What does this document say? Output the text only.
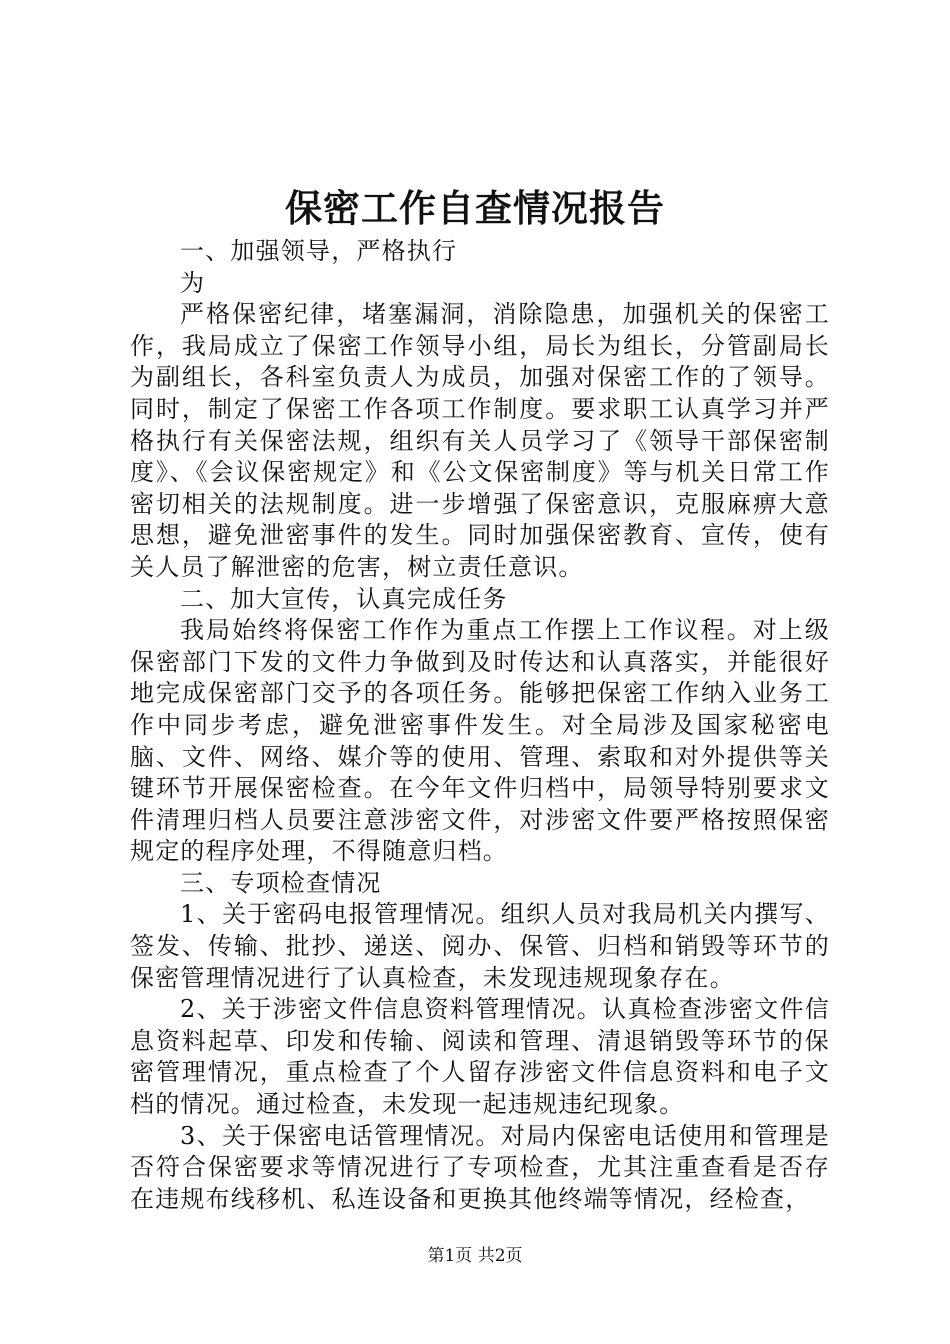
保密工作自查情况报告

一、加强领导，严格执行

为

严格保密纪律，堵塞漏洞，消除隐患，加强机关的保密工作，我局成立了保密工作领导小组，局长为组长，分管副局长为副组长，各科室负责人为成员，加强对保密工作的了领导。同时，制定了保密工作各项工作制度。要求职工认真学习并严格执行有关保密法规，组织有关人员学习了《领导干部保密制度》、《会议保密规定》和《公文保密制度》等与机关日常工作密切相关的法规制度。进一步增强了保密意识，克服麻痹大意思想，避免泄密事件的发生。同时加强保密教育、宣传，使有关人员了解泄密的危害，树立责任意识。

二、加大宣传，认真完成任务

我局始终将保密工作作为重点工作摆上工作议程。对上级保密部门下发的文件力争做到及时传达和认真落实，并能很好地完成保密部门交予的各项任务。能够把保密工作纳入业务工作中同步考虑，避免泄密事件发生。对全局涉及国家秘密电脑、文件、网络、媒介等的使用、管理、索取和对外提供等关键环节开展保密检查。在今年文件归档中，局领导特别要求文件清理归档人员要注意涉密文件，对涉密文件要严格按照保密规定的程序处理，不得随意归档。

三、专项检查情况

1、关于密码电报管理情况。组织人员对我局机关内撰写、签发、传输、批抄、递送、阅办、保管、归档和销毁等环节的保密管理情况进行了认真检查，未发现违规现象存在。

2、关于涉密文件信息资料管理情况。认真检查涉密文件信息资料起草、印发和传输、阅读和管理、清退销毁等环节的保密管理情况，重点检查了个人留存涉密文件信息资料和电子文档的情况。通过检查，未发现一起违规违纪现象。

3、关于保密电话管理情况。对局内保密电话使用和管理是否符合保密要求等情况进行了专项检查，尤其注重查看是否存在违规布线移机、私连设备和更换其他终端等情况，经检查，

第1页 共2页
